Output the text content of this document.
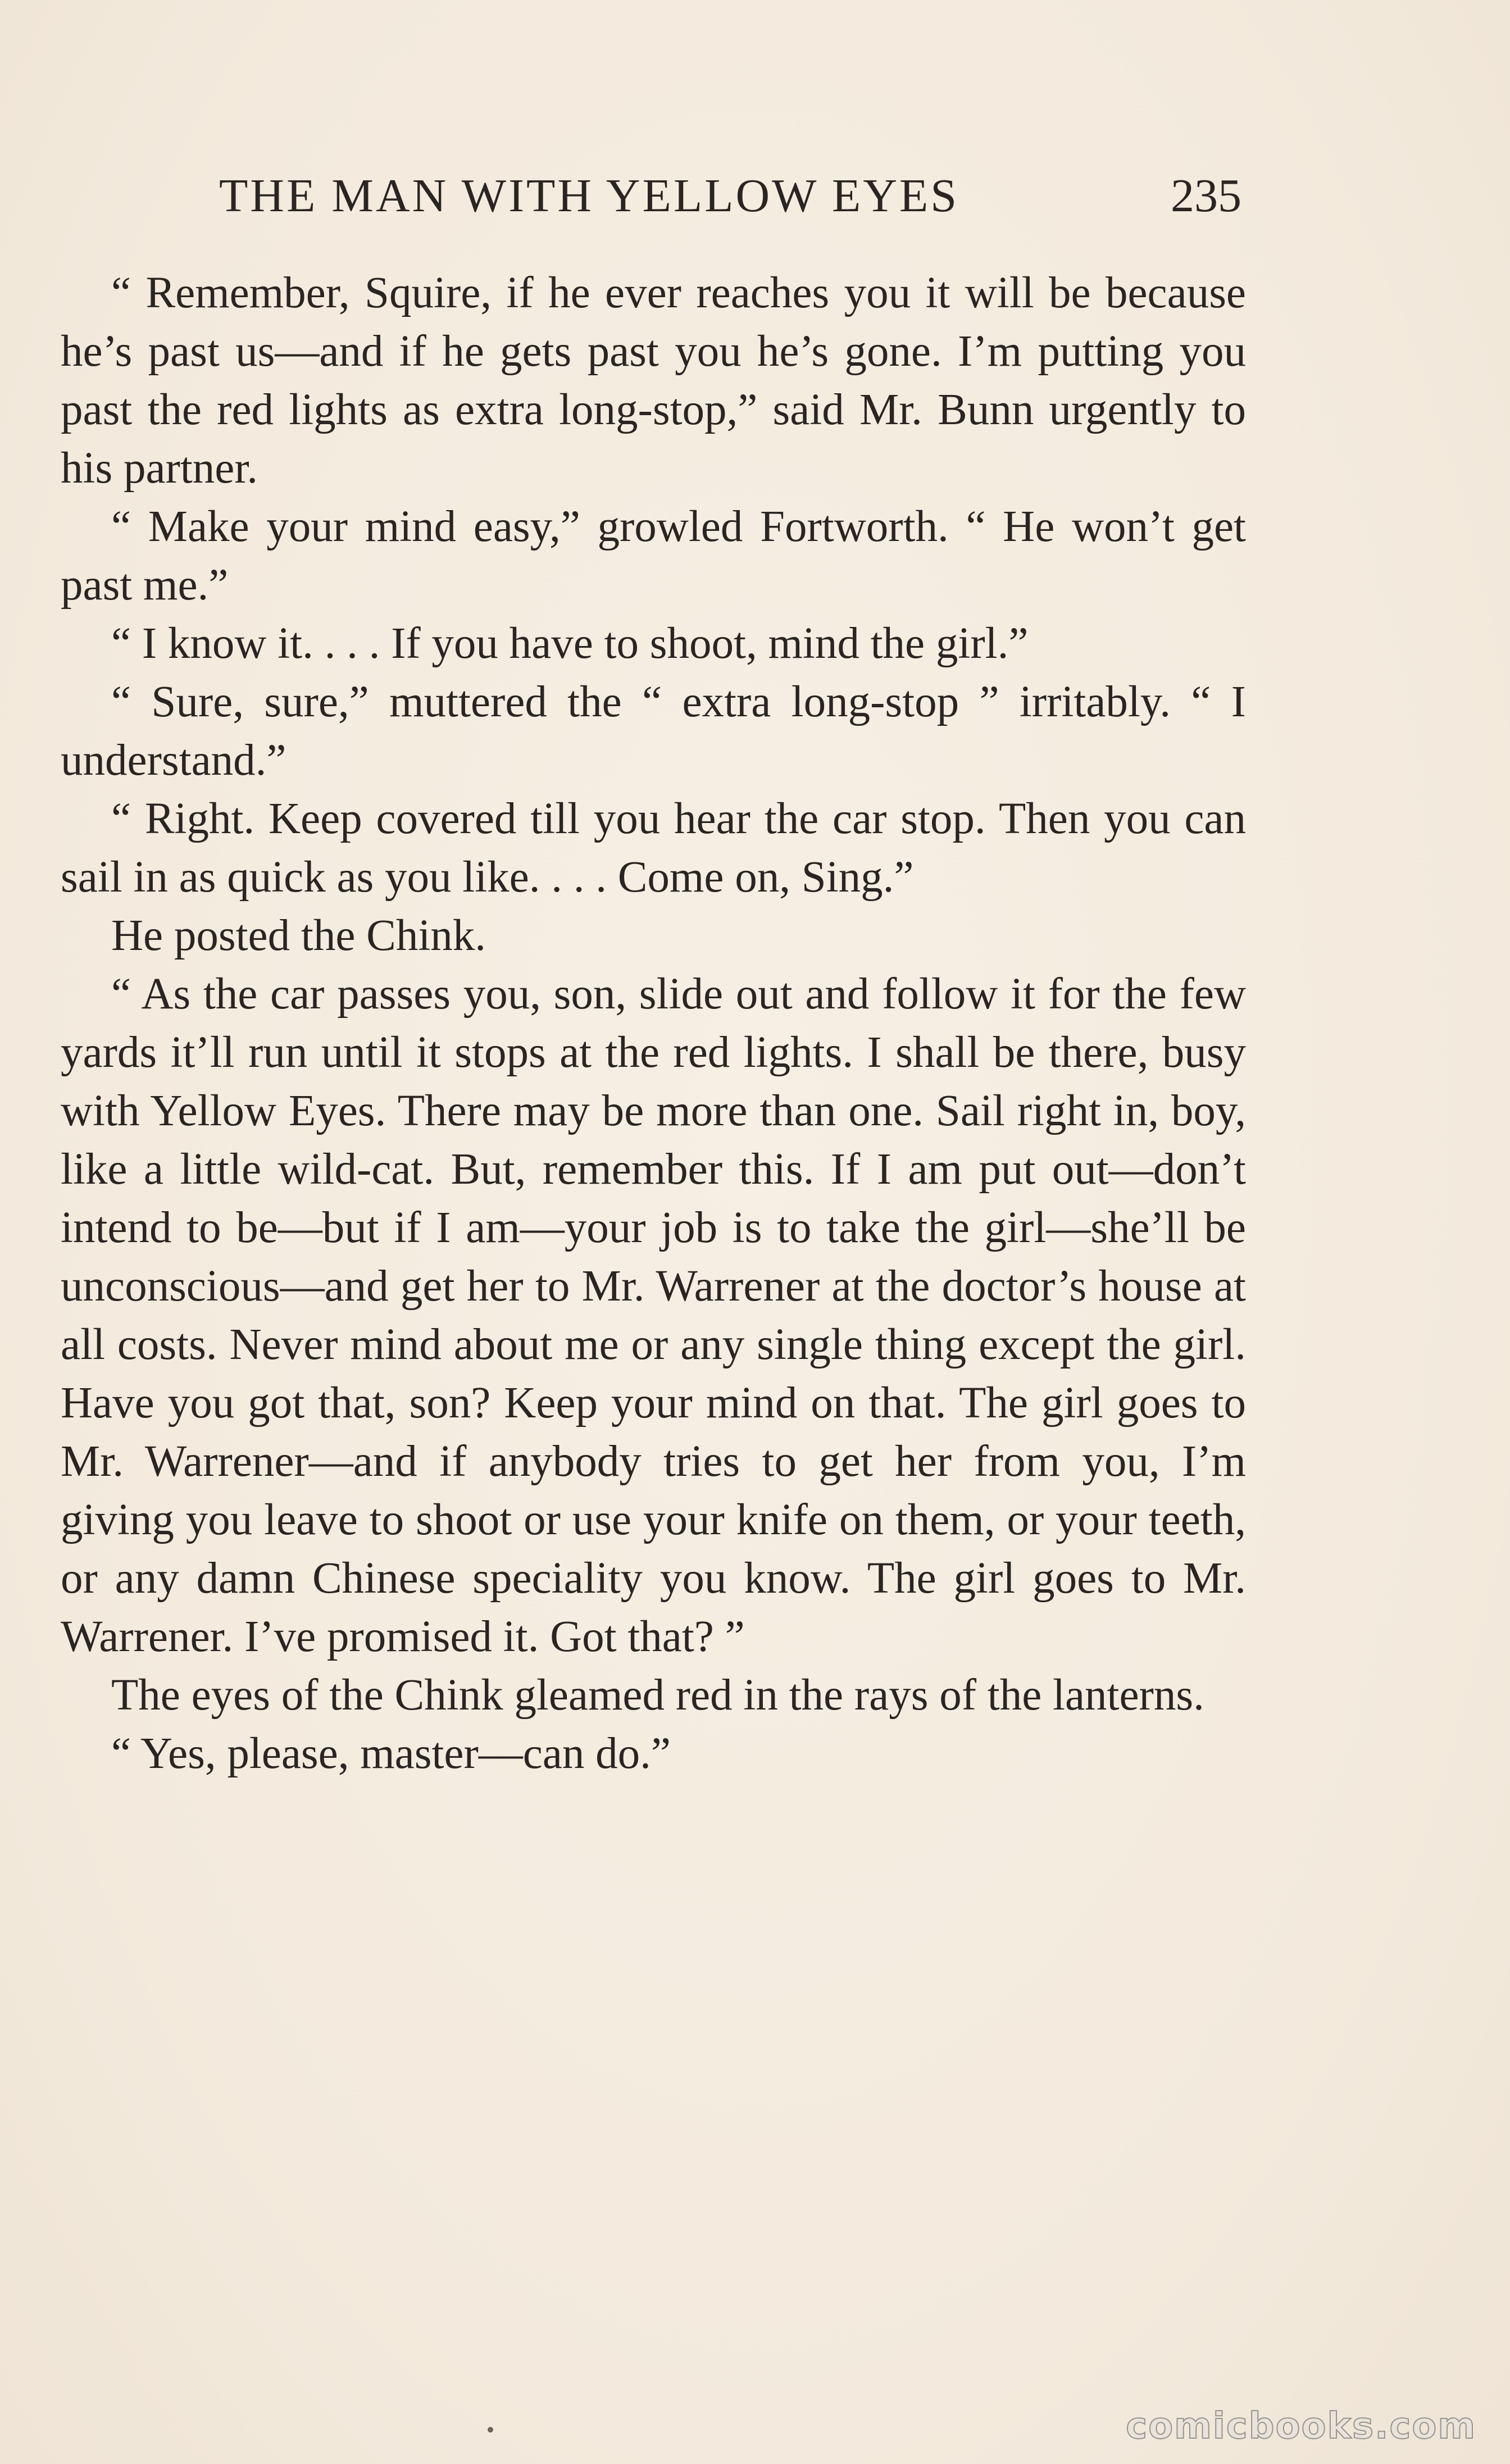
THE MAN WITH YELLOW EYES	235

“ Remember, Squire, if he ever reaches you it will be because he’s past us—and if he gets past you he’s gone. I’m putting you past the red lights as extra long-stop,” said Mr. Bunn urgently to his partner.

“ Make your mind easy,” growled Fortworth. “ He won’t get past me.”

“ I know it. . . . If you have to shoot, mind the girl.”

“ Sure, sure,” muttered the “ extra long-stop ” irritably. “ I understand.”

“ Right. Keep covered till you hear the car stop. Then you can sail in as quick as you like. . . . Come on, Sing.”

He posted the Chink.

“ As the car passes you, son, slide out and follow it for the few yards it’ll run until it stops at the red lights. I shall be there, busy with Yellow Eyes. There may be more than one. Sail right in, boy, like a little wild-cat. But, remember this. If I am put out—don’t intend to be—but if I am—your job is to take the girl—she’ll be unconscious—and get her to Mr. Warrener at the doctor’s house at all costs. Never mind about me or any single thing except the girl. Have you got that, son? Keep your mind on that. The girl goes to Mr. Warrener—and if anybody tries to get her from you, I’m giving you leave to shoot or use your knife on them, or your teeth, or any damn Chinese speciality you know. The girl goes to Mr. Warrener. I’ve promised it. Got that? ”

The eyes of the Chink gleamed red in the rays of the lanterns.

“ Yes, please, master—can do.”

comicbooks.com
